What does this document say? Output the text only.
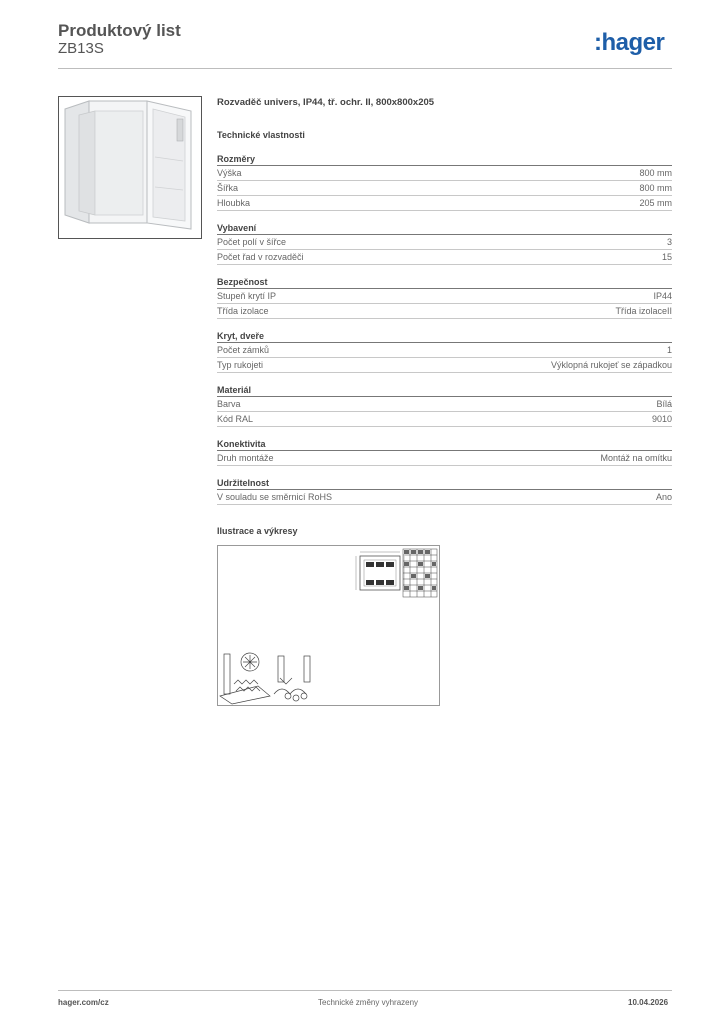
Produktový list
ZB13S	:hager
Rozvaděč univers, IP44, tř. ochr. II, 800x800x205
Technické vlastnosti
Rozměry
Výška	800 mm
Šířka	800 mm
Hloubka	205 mm
Vybavení
Počet polí v šířce	3
Počet řad v rozvaděči	15
Bezpečnost
Stupeň krytí IP	IP44
Třída izolace	Třída izolaceII
Kryt, dveře
Počet zámků	1
Typ rukojeti	Výklopná rukojeť se západkou
Materiál
Barva	Bílá
Kód RAL	9010
Konektivita
Druh montáže	Montáž na omítku
Udržitelnost
V souladu se směrnicí RoHS	Ano
Ilustrace a výkresy
hager.com/cz	Technické změny vyhrazeny	10.04.2026
